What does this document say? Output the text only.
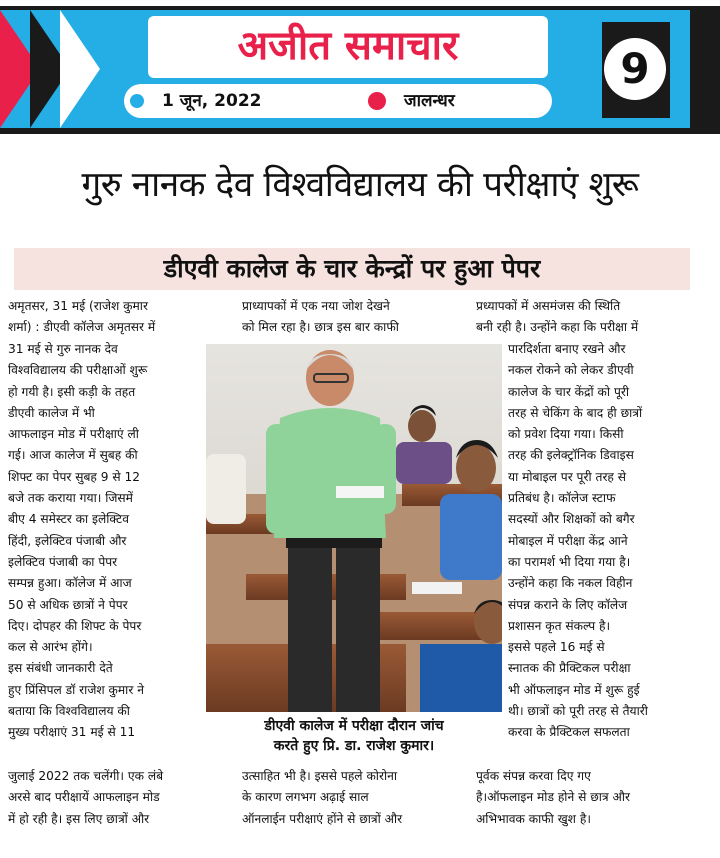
अजीत समाचार
1 जून, 2022	जालन्धर
9
गुरु नानक देव विश्वविद्यालय की परीक्षाएं शुरू
डीएवी कालेज के चार केन्द्रों पर हुआ पेपर
अमृतसर, 31 मई (राजेश कुमार
शर्मा) : डीएवी कॉलेज अमृतसर में
31 मई से गुरु नानक देव
विश्वविद्यालय की परीक्षाओं शुरू
हो गयी है। इसी कड़ी के तहत
डीएवी कालेज में भी
आफलाइन मोड में परीक्षाएं ली
गई। आज कालेज में सुबह की
शिफ्ट का पेपर सुबह 9 से 12
बजे तक कराया गया। जिसमें
बीए 4 समेस्टर का इलेक्टिव
हिंदी, इलेक्टिव पंजाबी और
इलेक्टिव पंजाबी का पेपर
सम्पन्न हुआ। कॉलेज में आज
50 से अधिक छात्रों ने पेपर
दिए। दोपहर की शिफ्ट के पेपर
कल से आरंभ होंगे।
इस संबंधी जानकारी देते
हुए प्रिंसिपल डॉ राजेश कुमार ने
बताया कि विश्वविद्यालय की
मुख्य परीक्षाएं 31 मई से 11
जुलाई 2022 तक चलेंगी। एक लंबे
अरसे बाद परीक्षायें आफलाइन मोड
में हो रही है। इस लिए छात्रों और
प्राध्यापकों में एक नया जोश देखने
को मिल रहा है। छात्र इस बार काफी
उत्साहित भी है। इससे पहले कोरोना
के कारण लगभग अढ़ाई साल
ऑनलाईन परीक्षाएं होंने से छात्रों और
प्रध्यापकों में असमंजस की स्थिति
बनी रही है। उन्होंने कहा कि परीक्षा में
पारदिर्शता बनाए रखने और
नकल रोकने को लेकर डीएवी
कालेज के चार केंद्रों को पूरी
तरह से चेकिंग के बाद ही छात्रों
को प्रवेश दिया गया। किसी
तरह की इलेक्ट्रॉनिक डिवाइस
या मोबाइल पर पूरी तरह से
प्रतिबंध है। कॉलेज स्टाफ
सदस्यों और शिक्षकों को बगैर
मोबाइल में परीक्षा केंद्र आने
का परामर्श भी दिया गया है।
उन्होंने कहा कि नकल विहीन
संपन्न कराने के लिए कॉलेज
प्रशासन कृत संकल्प है।
इससे पहले 16 मई से
स्नातक की प्रैक्टिकल परीक्षा
भी ऑफलाइन मोड में शुरू हुई
थी। छात्रों को पूरी तरह से तैयारी
करवा के प्रैक्टिकल सफलता
पूर्वक संपन्न करवा दिए गए
है।ऑफलाइन मोड होने से छात्र और
अभिभावक काफी खुश है।
डीएवी कालेज में परीक्षा दौरान जांच
करते हुए प्रि. डा. राजेश कुमार।
